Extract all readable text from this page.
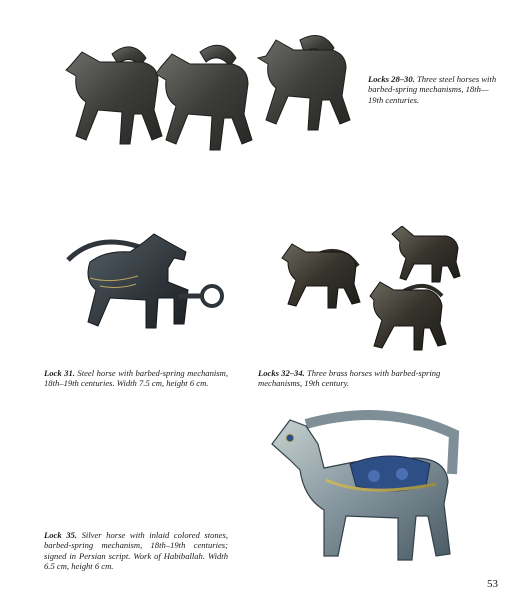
Locks 28–30. Three steel horses with barbed-spring mechanisms, 18th—19th centuries.
Lock 31. Steel horse with barbed-spring mechanism, 18th–19th centuries. Width 7.5 cm, height 6 cm.
Locks 32–34. Three brass horses with barbed-spring mechanisms, 19th century.
Lock 35. Silver horse with inlaid colored stones, barbed-spring mechanism, 18th–19th centuries; signed in Persian script. Work of Habiballah. Width 6.5 cm, height 6 cm.
53
